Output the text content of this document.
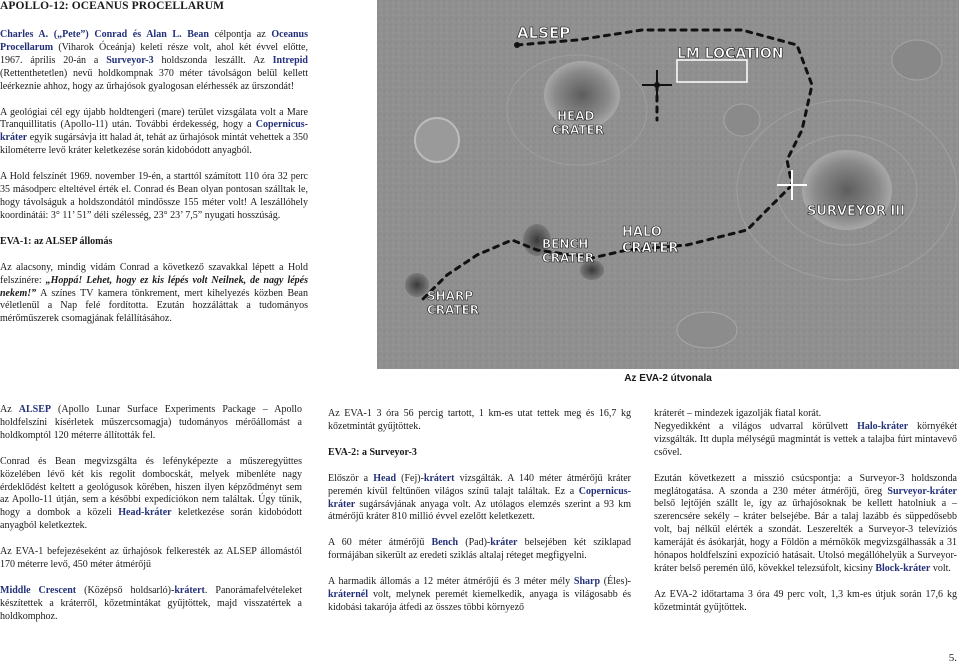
APOLLO-12: OCEANUS PROCELLARUM

Charles A. („Pete”) Conrad és Alan L. Bean célpontja az Oceanus Procellarum (Viharok Óceánja) keleti része volt, ahol két évvel előtte, 1967. április 20-án a Surveyor-3 holdszonda leszállt. Az Intrepid (Rettenthetetlen) nevű holdkompnak 370 méter távolságon belül kellett leérkeznie ahhoz, hogy az űrhajósok gyalogosan elérhessék az űrszondát!

A geológiai cél egy újabb holdtengeri (mare) terület vizsgálata volt a Mare Tranquillitatis (Apollo-11) után. További érdekesség, hogy a Copernicus-kráter egyik sugársávja itt halad át, tehát az űrhajósok mintát vehettek a 350 kilométerre levő kráter keletkezése során kidobódott anyagból.

A Hold felszínét 1969. november 19-én, a starttól számított 110 óra 32 perc 35 másodperc elteltével érték el. Conrad és Bean olyan pontosan szálltak le, hogy távolságuk a holdszondától mindössze 155 méter volt! A leszállóhely koordinátái: 3° 11’ 51” déli szélesség, 23° 23’ 7,5” nyugati hosszúság.

EVA-1: az ALSEP állomás

Az alacsony, mindig vidám Conrad a következő szavakkal lépett a Hold felszínére: „Hoppá! Lehet, hogy ez kis lépés volt Neilnek, de nagy lépés nekem!” A színes TV kamera tönkrement, mert kihelyezés közben Bean véletlenül a Nap felé fordította. Ezután hozzáláttak a tudományos mérőműszerek csomagjának felállításához.

Az ALSEP (Apollo Lunar Surface Experiments Package – Apollo holdfelszíni kísérletek műszercsomagja) tudományos mérőállomást a holdkomptól 120 méterre állították fel.

Conrad és Bean megvizsgálta és lefényképezte a műszeregyüttes közelében lévő két kis regolit dombocskát, melyek mibenléte nagy érdeklődést keltett a geológusok körében, hiszen ilyen képződményt sem az Apollo-11 útján, sem a későbbi expedíciókon nem találtak. Úgy tűnik, hogy a dombok a közeli Head-kráter keletkezése során kidobódott anyagból keletkeztek.

Az EVA-1 befejezéseként az űrhajósok felkeresték az ALSEP állomástól 170 méterre levő, 450 méter átmérőjű

Middle Crescent (Középső holdsarló)-krátert. Panorámafelvételeket készítettek a kráterről, kőzetmintákat gyűjtöttek, majd visszatértek a holdkomphoz.

Az EVA-1 3 óra 56 percig tartott, 1 km-es utat tettek meg és 16,7 kg kőzetmintát gyűjtöttek.

EVA-2: a Surveyor-3

Először a Head (Fej)-krátert vizsgálták. A 140 méter átmérőjű kráter peremén kívül feltűnően világos színű talajt találtak. Ez a Copernicus-kráter sugársávjának anyaga volt. Az utólagos elemzés szerint a 93 km átmérőjű kráter 810 millió évvel ezelőtt keletkezett.

A 60 méter átmérőjű Bench (Pad)-kráter belsejében két sziklapad formájában sikerült az eredeti sziklás altalaj réteget megfigyelni.

A harmadik állomás a 12 méter átmérőjű és 3 méter mély Sharp (Éles)-kráternél volt, melynek peremét kiemelkedik, anyaga is világosabb és kidobási takarója átfedi az összes többi környező

kráterét – mindezek igazolják fiatal korát.
Negyedikként a világos udvarral körülvett Halo-kráter környékét vizsgálták. Itt dupla mélységű magmintát is vettek a talajba fúrt mintavevő csővel.

Ezután következett a misszió csúcspontja: a Surveyor-3 holdszonda meglátogatása. A szonda a 230 méter átmérőjű, öreg Surveyor-kráter belső lejtőjén szállt le, így az űrhajósoknak be kellett hatolniuk a – szerencsére sekély – kráter belsejébe. Bár a talaj lazább és süppedősebb volt, baj nélkül elérték a szondát. Leszerelték a Surveyor-3 televíziós kameráját és ásókarját, hogy a Földön a mérnökök megvizsgálhassák a 31 hónapos holdfelszíni expozíció hatásait. Utolsó megállóhelyük a Surveyor-kráter belső peremén ülő, kövekkel telezsúfolt, kicsiny Block-kráter volt.

Az EVA-2 időtartama 3 óra 49 perc volt, 1,3 km-es útjuk során 17,6 kg kőzetmintát gyűjtöttek.

ALSEP
LM LOCATION
HEAD
CRATER
SURVEYOR III
HALO
CRATER
BENCH
CRATER
SHARP
CRATER
Az EVA-2 útvonala
5.
